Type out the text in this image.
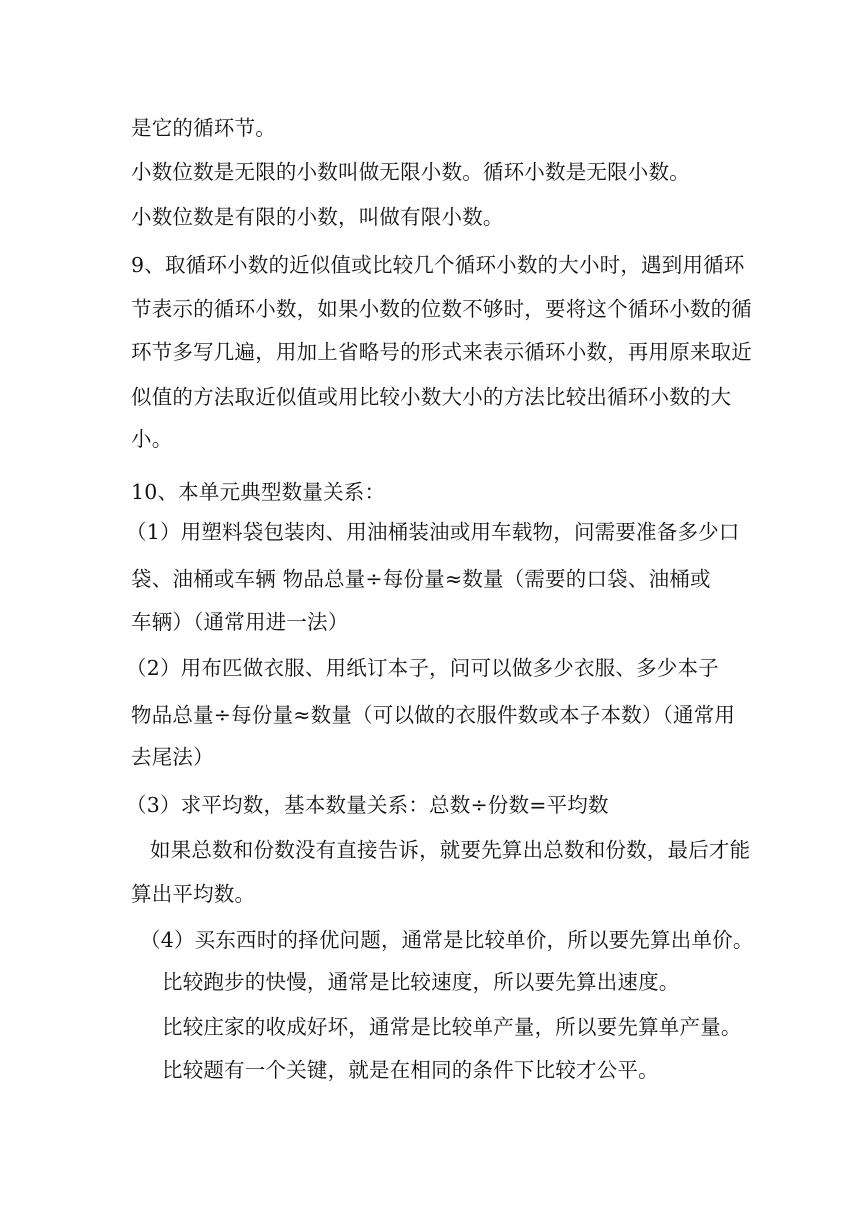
是它的循环节。
小数位数是无限的小数叫做无限小数。循环小数是无限小数。
小数位数是有限的小数，叫做有限小数。
9、取循环小数的近似值或比较几个循环小数的大小时，遇到用循环
节表示的循环小数，如果小数的位数不够时，要将这个循环小数的循
环节多写几遍，用加上省略号的形式来表示循环小数，再用原来取近
似值的方法取近似值或用比较小数大小的方法比较出循环小数的大
小。
10、本单元典型数量关系：
（1）用塑料袋包装肉、用油桶装油或用车载物，问需要准备多少口
袋、油桶或车辆 物品总量÷每份量≈数量（需要的口袋、油桶或
车辆）（通常用进一法）
（2）用布匹做衣服、用纸订本子，问可以做多少衣服、多少本子
物品总量÷每份量≈数量（可以做的衣服件数或本子本数）（通常用
去尾法）
（3）求平均数，基本数量关系：总数÷份数=平均数
如果总数和份数没有直接告诉，就要先算出总数和份数，最后才能
算出平均数。
（4）买东西时的择优问题，通常是比较单价，所以要先算出单价。
比较跑步的快慢，通常是比较速度，所以要先算出速度。
比较庄家的收成好坏，通常是比较单产量，所以要先算单产量。
比较题有一个关键，就是在相同的条件下比较才公平。
